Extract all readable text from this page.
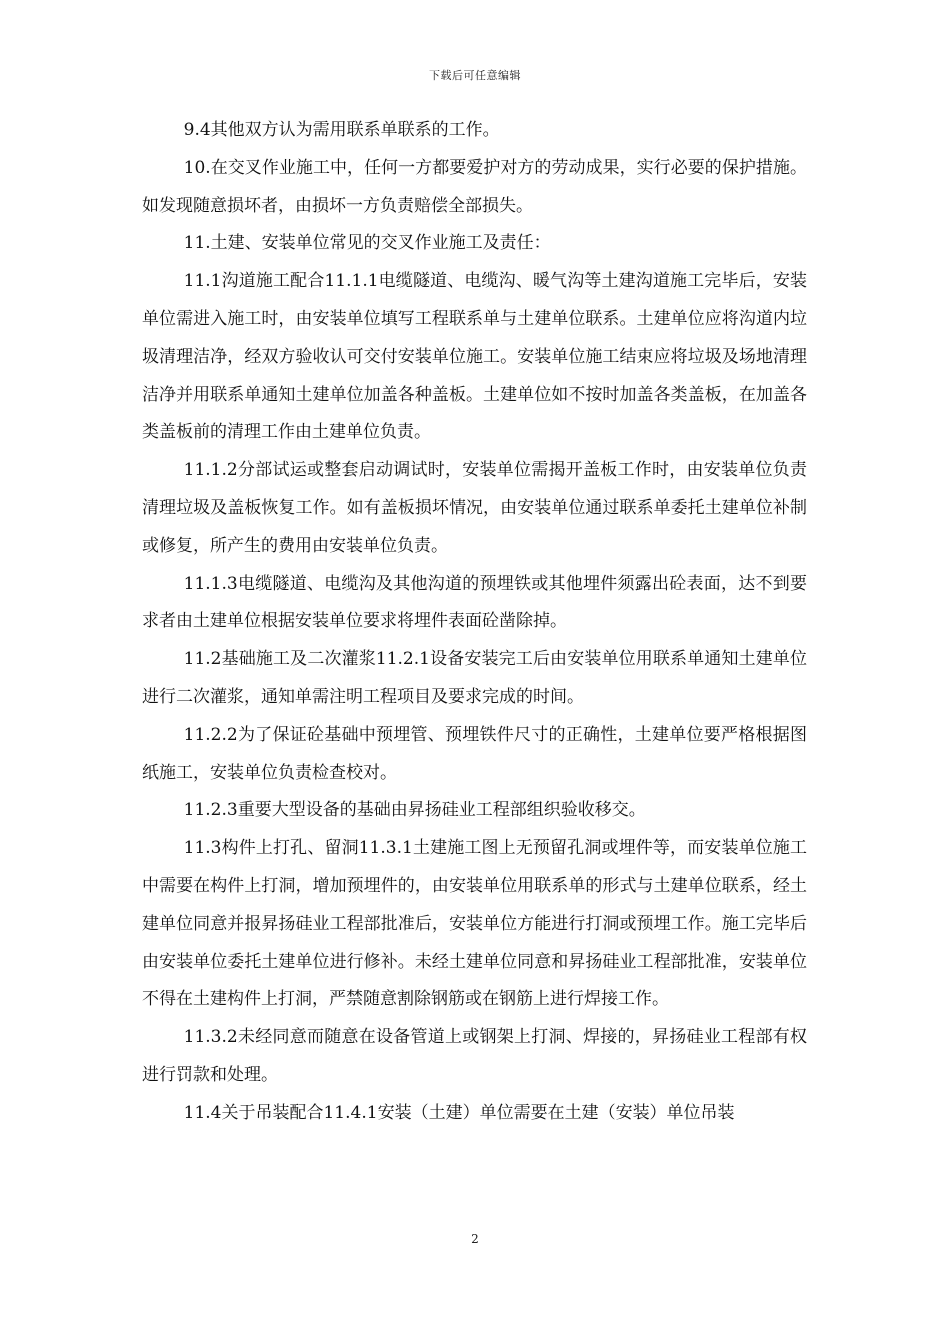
下载后可任意编辑

9.4其他双方认为需用联系单联系的工作。

10.在交叉作业施工中，任何一方都要爱护对方的劳动成果，实行必要的保护措施。如发现随意损坏者，由损坏一方负责赔偿全部损失。

11.土建、安装单位常见的交叉作业施工及责任：

11.1沟道施工配合11.1.1电缆隧道、电缆沟、暖气沟等土建沟道施工完毕后，安装单位需进入施工时，由安装单位填写工程联系单与土建单位联系。土建单位应将沟道内垃圾清理洁净，经双方验收认可交付安装单位施工。安装单位施工结束应将垃圾及场地清理洁净并用联系单通知土建单位加盖各种盖板。土建单位如不按时加盖各类盖板，在加盖各类盖板前的清理工作由土建单位负责。

11.1.2分部试运或整套启动调试时，安装单位需揭开盖板工作时，由安装单位负责清理垃圾及盖板恢复工作。如有盖板损坏情况，由安装单位通过联系单委托土建单位补制或修复，所产生的费用由安装单位负责。

11.1.3电缆隧道、电缆沟及其他沟道的预埋铁或其他埋件须露出砼表面，达不到要求者由土建单位根据安装单位要求将埋件表面砼凿除掉。

11.2基础施工及二次灌浆11.2.1设备安装完工后由安装单位用联系单通知土建单位进行二次灌浆，通知单需注明工程项目及要求完成的时间。

11.2.2为了保证砼基础中预埋管、预埋铁件尺寸的正确性，土建单位要严格根据图纸施工，安装单位负责检查校对。

11.2.3重要大型设备的基础由昇扬硅业工程部组织验收移交。

11.3构件上打孔、留洞11.3.1土建施工图上无预留孔洞或埋件等，而安装单位施工中需要在构件上打洞，增加预埋件的，由安装单位用联系单的形式与土建单位联系，经土建单位同意并报昇扬硅业工程部批准后，安装单位方能进行打洞或预埋工作。施工完毕后由安装单位委托土建单位进行修补。未经土建单位同意和昇扬硅业工程部批准，安装单位不得在土建构件上打洞，严禁随意割除钢筋或在钢筋上进行焊接工作。

11.3.2未经同意而随意在设备管道上或钢架上打洞、焊接的，昇扬硅业工程部有权进行罚款和处理。

11.4关于吊装配合11.4.1安装（土建）单位需要在土建（安装）单位吊装

2
